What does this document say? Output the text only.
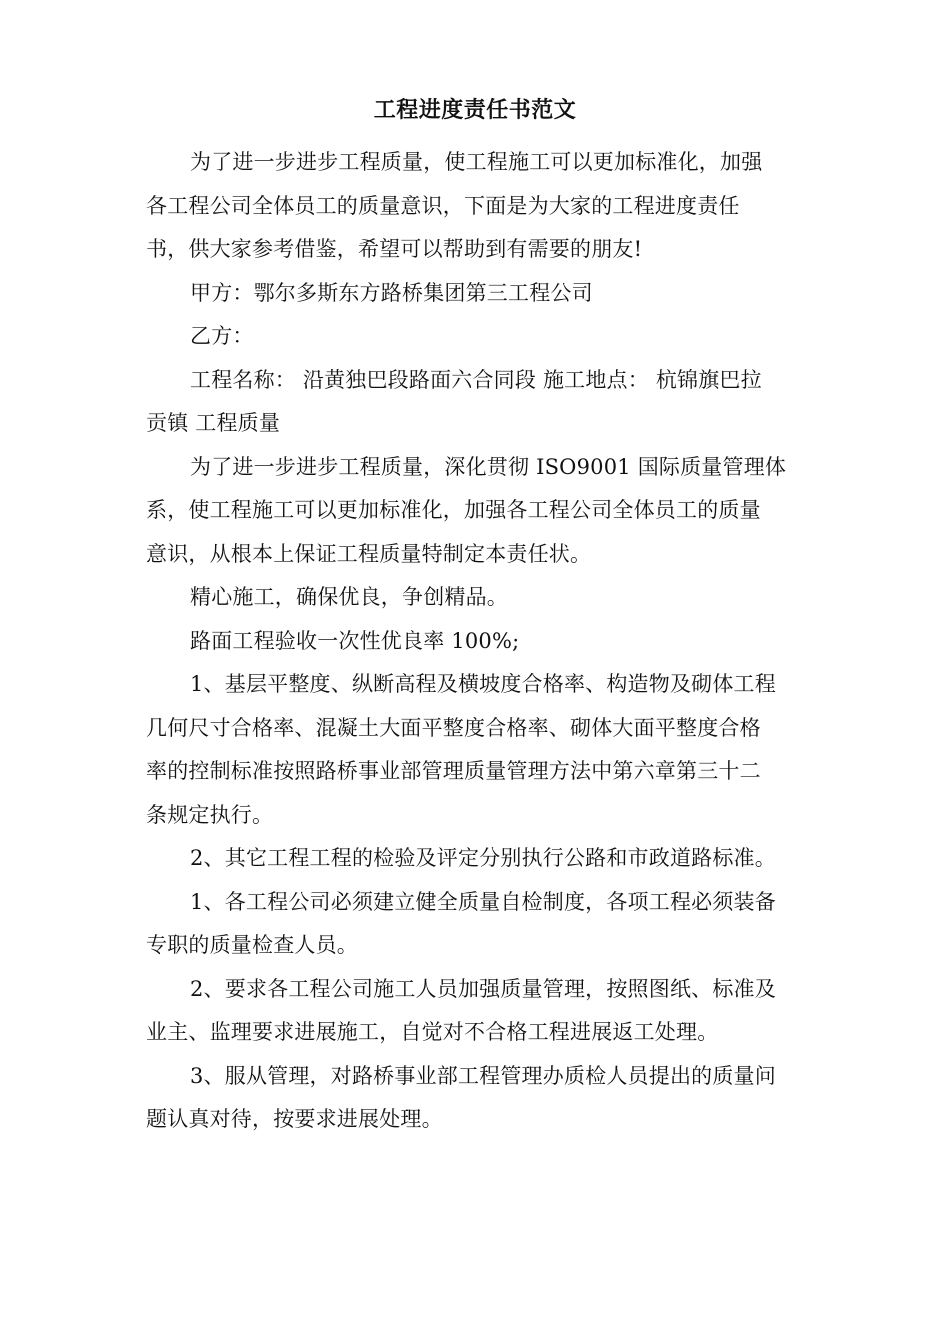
工程进度责任书范文

为了进一步进步工程质量，使工程施工可以更加标准化，加强
各工程公司全体员工的质量意识，下面是为大家的工程进度责任
书，供大家参考借鉴，希望可以帮助到有需要的朋友!

甲方：鄂尔多斯东方路桥集团第三工程公司

乙方：

工程名称： 沿黄独巴段路面六合同段 施工地点： 杭锦旗巴拉
贡镇 工程质量

为了进一步进步工程质量，深化贯彻 ISO9001 国际质量管理体
系，使工程施工可以更加标准化，加强各工程公司全体员工的质量
意识，从根本上保证工程质量特制定本责任状。

精心施工，确保优良，争创精品。

路面工程验收一次性优良率 100%;

1、基层平整度、纵断高程及横坡度合格率、构造物及砌体工程
几何尺寸合格率、混凝土大面平整度合格率、砌体大面平整度合格
率的控制标准按照路桥事业部管理质量管理方法中第六章第三十二
条规定执行。

2、其它工程工程的检验及评定分别执行公路和市政道路标准。

1、各工程公司必须建立健全质量自检制度，各项工程必须装备
专职的质量检查人员。

2、要求各工程公司施工人员加强质量管理，按照图纸、标准及
业主、监理要求进展施工，自觉对不合格工程进展返工处理。

3、服从管理，对路桥事业部工程管理办质检人员提出的质量问
题认真对待，按要求进展处理。
